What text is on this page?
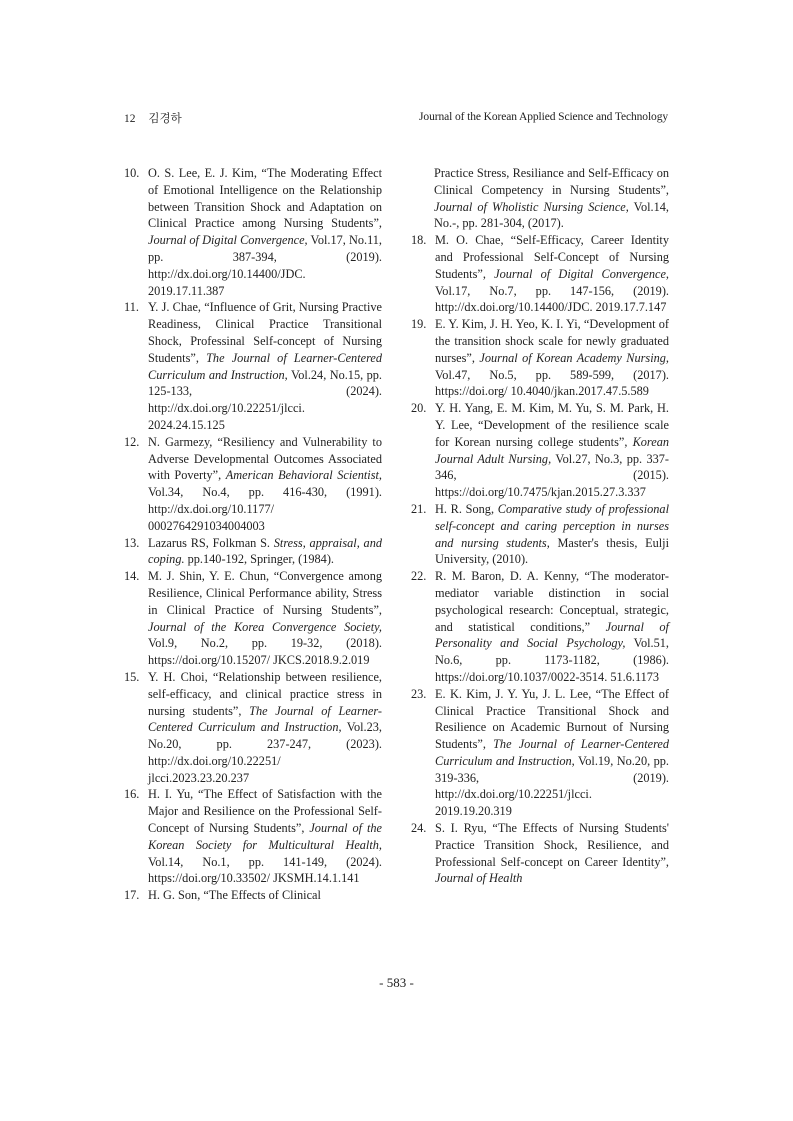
12 김경하	Journal of the Korean Applied Science and Technology
10. O. S. Lee, E. J. Kim, “The Moderating Effect of Emotional Intelligence on the Relationship between Transition Shock and Adaptation on Clinical Practice among Nursing Students”, Journal of Digital Convergence, Vol.17, No.11, pp. 387-394, (2019). http://dx.doi.org/10.14400/JDC. 2019.17.11.387
11. Y. J. Chae, “Influence of Grit, Nursing Practive Readiness, Clinical Practice Transitional Shock, Professinal Self-concept of Nursing Students”, The Journal of Learner-Centered Curriculum and Instruction, Vol.24, No.15, pp. 125-133, (2024). http://dx.doi.org/10.22251/jlcci. 2024.24.15.125
12. N. Garmezy, “Resiliency and Vulnerability to Adverse Developmental Outcomes Associated with Poverty”, American Behavioral Scientist, Vol.34, No.4, pp. 416-430, (1991). http://dx.doi.org/10.1177/ 0002764291034004003
13. Lazarus RS, Folkman S. Stress, appraisal, and coping. pp.140-192, Springer, (1984).
14. M. J. Shin, Y. E. Chun, “Convergence among Resilience, Clinical Performance ability, Stress in Clinical Practice of Nursing Students”, Journal of the Korea Convergence Society, Vol.9, No.2, pp. 19-32, (2018). https://doi.org/10.15207/ JKCS.2018.9.2.019
15. Y. H. Choi, “Relationship between resilience, self-efficacy, and clinical practice stress in nursing students”, The Journal of Learner-Centered Curriculum and Instruction, Vol.23, No.20, pp. 237-247, (2023). http://dx.doi.org/10.22251/ jlcci.2023.23.20.237
16. H. I. Yu, “The Effect of Satisfaction with the Major and Resilience on the Professional Self-Concept of Nursing Students”, Journal of the Korean Society for Multicultural Health, Vol.14, No.1, pp. 141-149, (2024). https://doi.org/10.33502/ JKSMH.14.1.141
17. H. G. Son, “The Effects of Clinical
Practice Stress, Resiliance and Self-Efficacy on Clinical Competency in Nursing Students”, Journal of Wholistic Nursing Science, Vol.14, No.-, pp. 281-304, (2017).
18. M. O. Chae, “Self-Efficacy, Career Identity and Professional Self-Concept of Nursing Students”, Journal of Digital Convergence, Vol.17, No.7, pp. 147-156, (2019). http://dx.doi.org/10.14400/JDC. 2019.17.7.147
19. E. Y. Kim, J. H. Yeo, K. I. Yi, “Development of the transition shock scale for newly graduated nurses”, Journal of Korean Academy Nursing, Vol.47, No.5, pp. 589-599, (2017). https://doi.org/ 10.4040/jkan.2017.47.5.589
20. Y. H. Yang, E. M. Kim, M. Yu, S. M. Park, H. Y. Lee, “Development of the resilience scale for Korean nursing college students”, Korean Journal Adult Nursing, Vol.27, No.3, pp. 337-346, (2015). https://doi.org/10.7475/kjan.2015.27.3.337
21. H. R. Song, Comparative study of professional self-concept and caring perception in nurses and nursing students, Master's thesis, Eulji University, (2010).
22. R. M. Baron, D. A. Kenny, “The moderator-mediator variable distinction in social psychological research: Conceptual, strategic, and statistical conditions,” Journal of Personality and Social Psychology, Vol.51, No.6, pp. 1173-1182, (1986). https://doi.org/10.1037/0022-3514. 51.6.1173
23. E. K. Kim, J. Y. Yu, J. L. Lee, “The Effect of Clinical Practice Transitional Shock and Resilience on Academic Burnout of Nursing Students”, The Journal of Learner-Centered Curriculum and Instruction, Vol.19, No.20, pp. 319-336, (2019). http://dx.doi.org/10.22251/jlcci. 2019.19.20.319
24. S. I. Ryu, “The Effects of Nursing Students' Practice Transition Shock, Resilience, and Professional Self-concept on Career Identity”, Journal of Health
- 583 -
